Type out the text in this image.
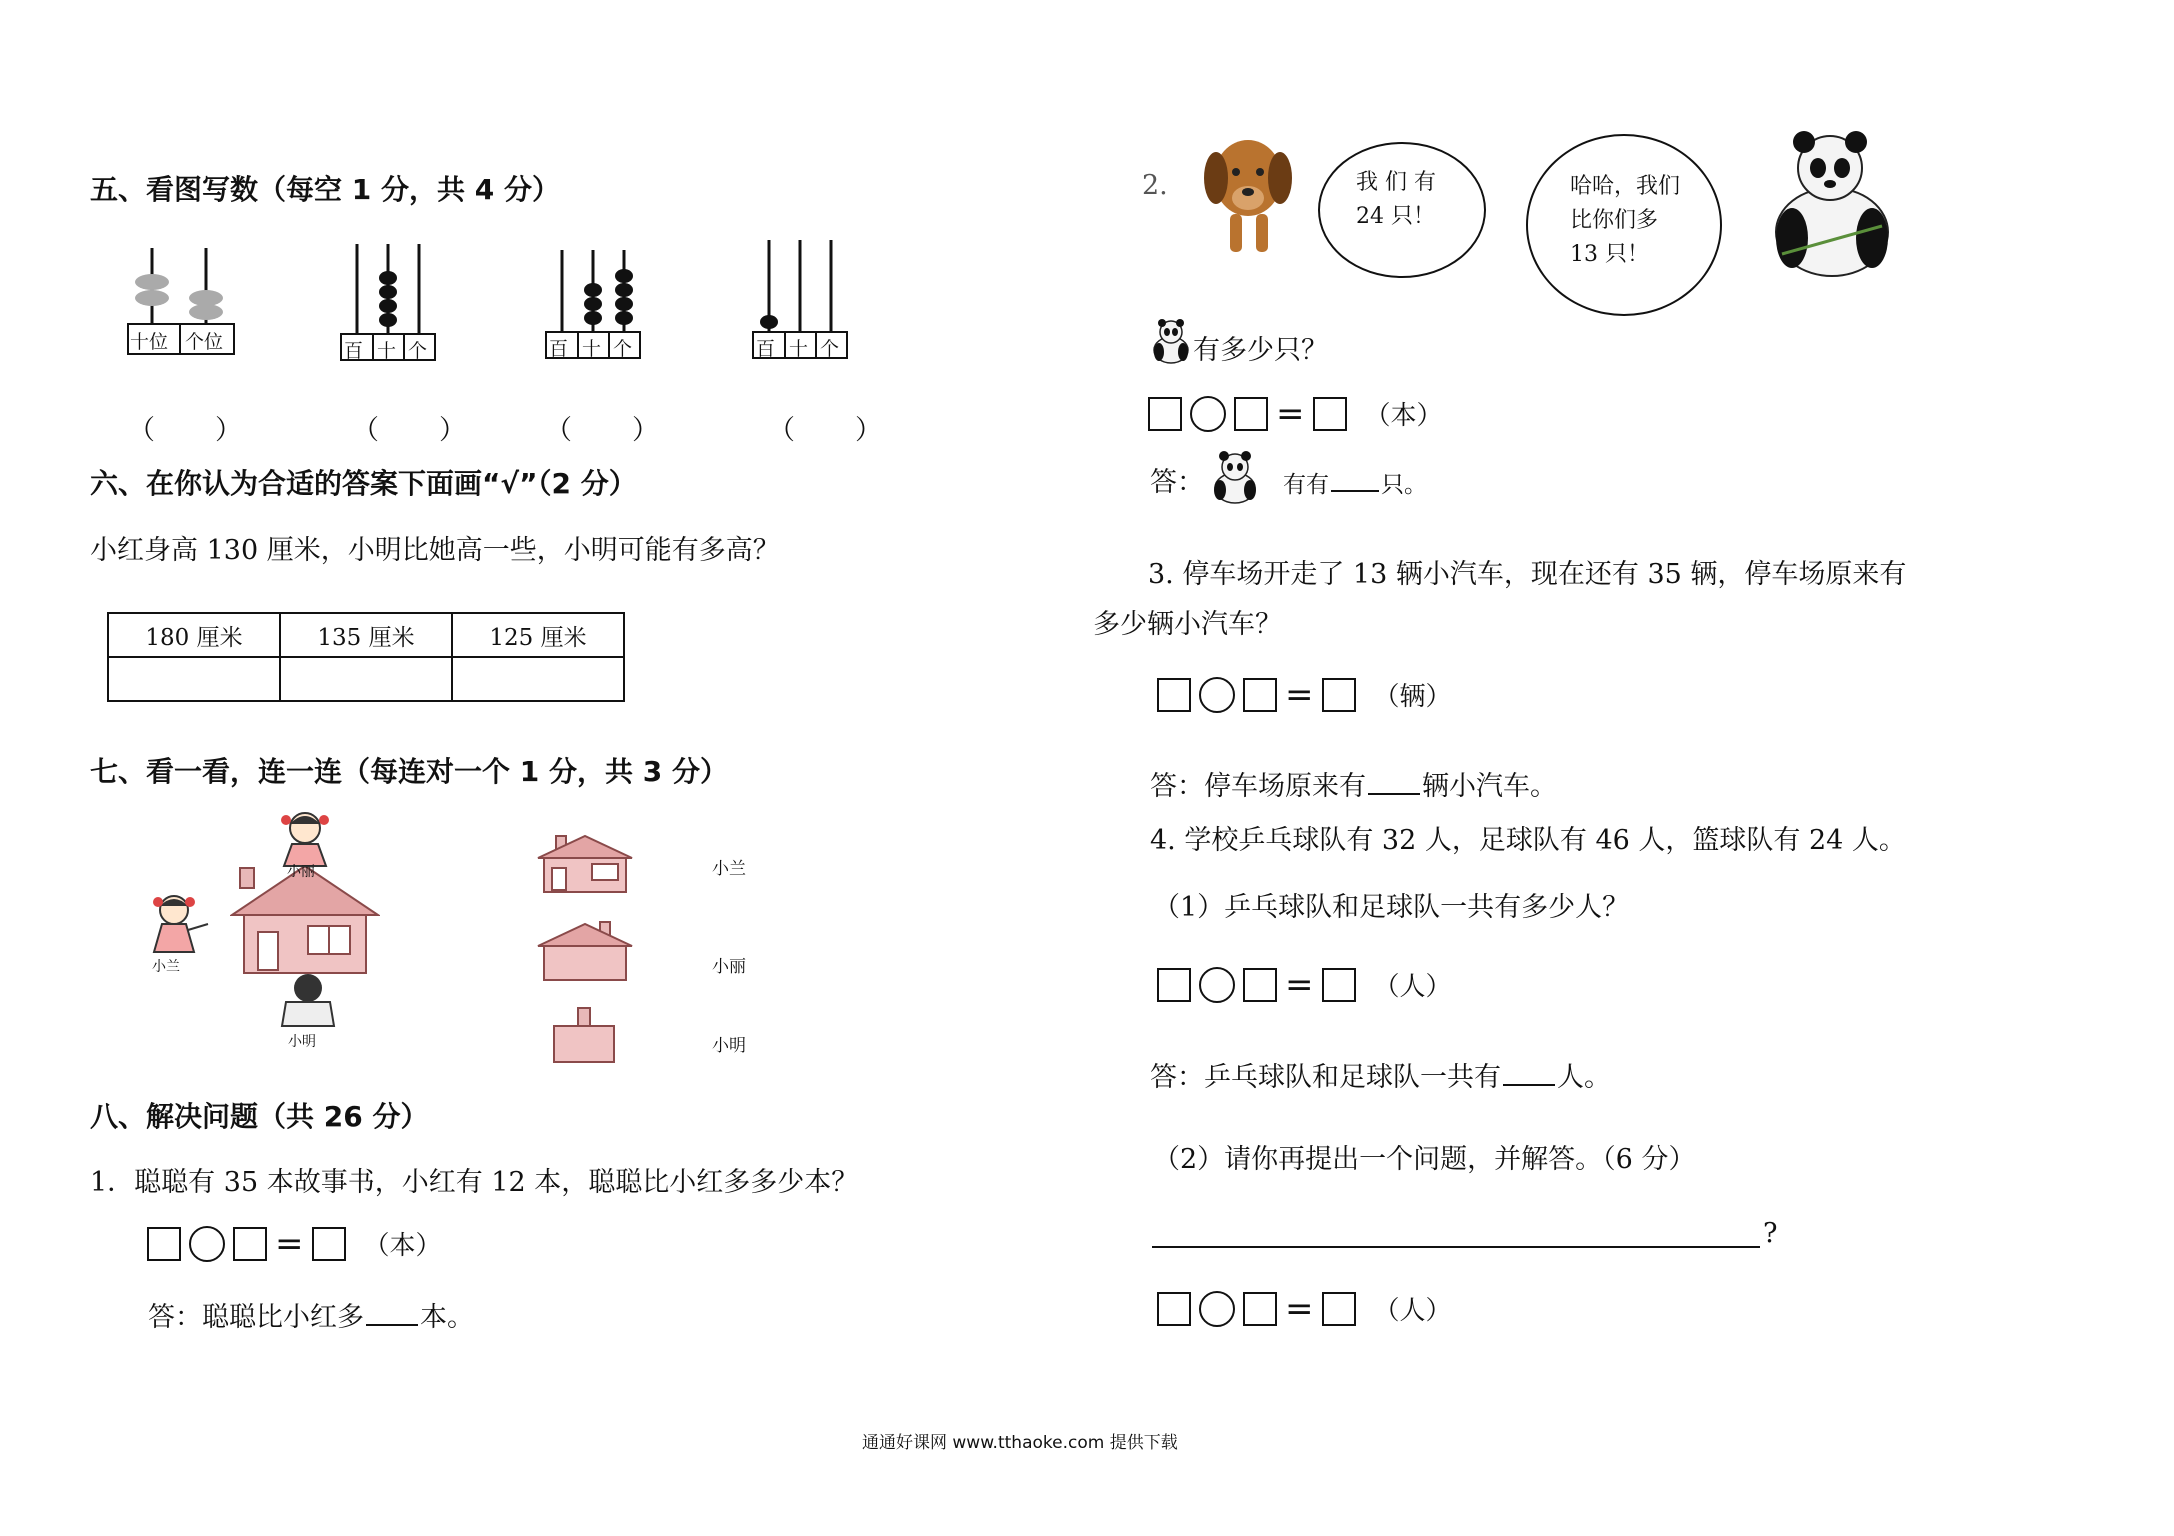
五、看图写数（每空 1 分，共 4 分）
十位 个位	百 十 个	百 十 个	百 十 个
（ ）	（ ）	（ ）	（ ）
六、在你认为合适的答案下面画“√”（2 分）
小红身高 130 厘米，小明比她高一些，小明可能有多高？
180 厘米	135 厘米	125 厘米

七、看一看，连一连（每连对一个 1 分，共 3 分）
小丽
小兰
小明
小兰
小丽
小明
八、解决问题（共 26 分）
1．聪聪有 35 本故事书，小红有 12 本，聪聪比小红多多少本？
= （本）
答：聪聪比小红多 本。
2.	我 们 有 24 只！
哈哈，我们比你们多 13 只！
有多少只？
= （本）
答：	有有 只。
3. 停车场开走了 13 辆小汽车，现在还有 35 辆，停车场原来有
多少辆小汽车？
= （辆）
答：停车场原来有 辆小汽车。
4. 学校乒乓球队有 32 人，足球队有 46 人，篮球队有 24 人。
（1）乒乓球队和足球队一共有多少人？
= （人）
答：乒乓球队和足球队一共有 人。
（2）请你再提出一个问题，并解答。（6 分）
?
= （人）
通通好课网 www.tthaoke.com 提供下载
